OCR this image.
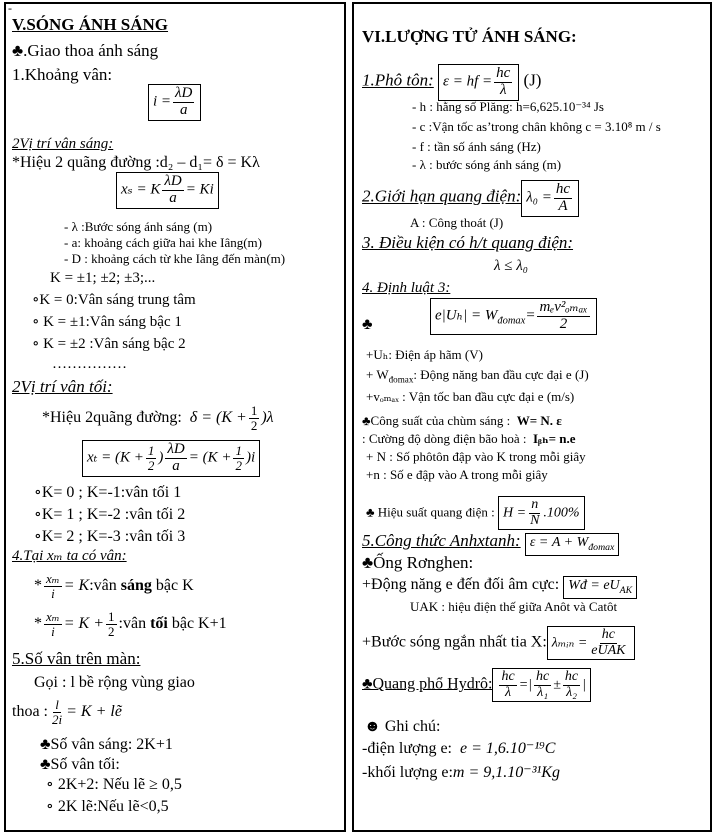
-
V.SÓNG ÁNH SÁNG
♣.Giao thoa ánh sáng
1.Khoảng vân:
$i = \frac{\lambda D}{a}$
2Vị trí vân sáng:
*Hiệu 2 quãng đường :d₂ – d₁= δ = Kλ
xₛ = K $\frac{\lambda D}{a} = Ki$
- λ :Bước sóng ánh sáng (m)
- a: khoảng cách giữa hai khe Iâng(m)
- D : khoảng cách từ khe Iâng đến màn(m)
K = ±1; ±2; ±3;...
∘K = 0:Vân sáng trung tâm
∘ K = ±1:Vân sáng bậc 1
∘ K = ±2 :Vân sáng bậc 2
……………
2Vị trí vân tối:
*Hiệu 2quãng đường: $\delta = (K + \frac{1}{2} )\lambda$
$x_t = (K + \frac{1}{2}$ ) $\frac{\lambda D}{a} = (K + \frac{1}{2} )i$
∘K= 0 ; K=-1:vân tối 1
∘K= 1 ; K=-2 :vân tối 2
∘K= 2 ; K=-3 :vân tối 3
4.Tại xₘ ta có vân:
* $\frac{\text{xₘ}}{i}$ = K:vân sáng bậc K
* $\frac{\text{xₘ}}{i} = K + \frac{1}{2}$ :vân tối bậc K+1
5.Số vân trên màn:
Gọi : l bề rộng vùng giao
thoa : $\frac{l}{2i} = K$ + lẽ
♣Số vân sáng: 2K+1
♣Số vân tối:
∘ 2K+2: Nếu lẽ ≥ 0,5
∘ 2K lẽ:Nếu lẽ<0,5
VI.LƯỢNG TỬ ÁNH SÁNG:
1.Phô tôn: ε = hf = $\frac{hc}{\lambda} (J)$
- h : hằng số Plăng: h=6,625.10⁻³⁴ Js
- c :Vận tốc as’trong chân không c = 3.10⁸ m / s
- f : tần số ánh sáng (Hz)
- λ : bước sóng ánh sáng (m)
2.Giới hạn quang điện: $\lambda_0 = \frac{hc}{A}$
A : Công thoát (J)
3. Điều kiện có h/t quang điện:
λ ≤ λ₀
4. Định luật 3:
♣
$e|U_h| = W_{đomax}= \frac{\text{mₑv²ₒₘₐₓ}}{2}$
+Uₕ: Điện áp hãm (V)
+ $W_{đomax}$: Động năng ban đầu cực đại e (J)
+vₒₘₐₓ : Vận tốc ban đầu cực đại e (m/s)
♣Công suất của chùm sáng : W= N. ε
: Cường độ dòng điện bão hoà : Iᵦₕ= n.e
+ N : Số phôtôn đập vào K trong mỗi giây
+n : Số e đập vào A trong mỗi giây
♣ Hiệu suất quang điện : $H = \frac{n}{N} .100\%$
5.Công thức Anhxtanh: $\varepsilon = A + W_{đomax}$
♣Ống Rơnghen:
+Động năng e đến đối âm cực: Wđ = $eU_{AK}$
UAK : hiệu điện thế giữa Anôt và Catôt
+Bước sóng ngắn nhất tia X: λₘᵢₙ = $\frac{hc}{\text{eUAK}}$
♣Quang phổ Hydrô: $\frac{hc}{\lambda}$ =| $\frac{hc}{\text{λ₁}} \pm \frac{hc}{\text{λ₂}}$ |
☻ Ghi chú:
-điện lượng e: e = 1,6.10⁻¹⁹C
-khối lượng e:m = 9,1.10⁻³¹Kg
